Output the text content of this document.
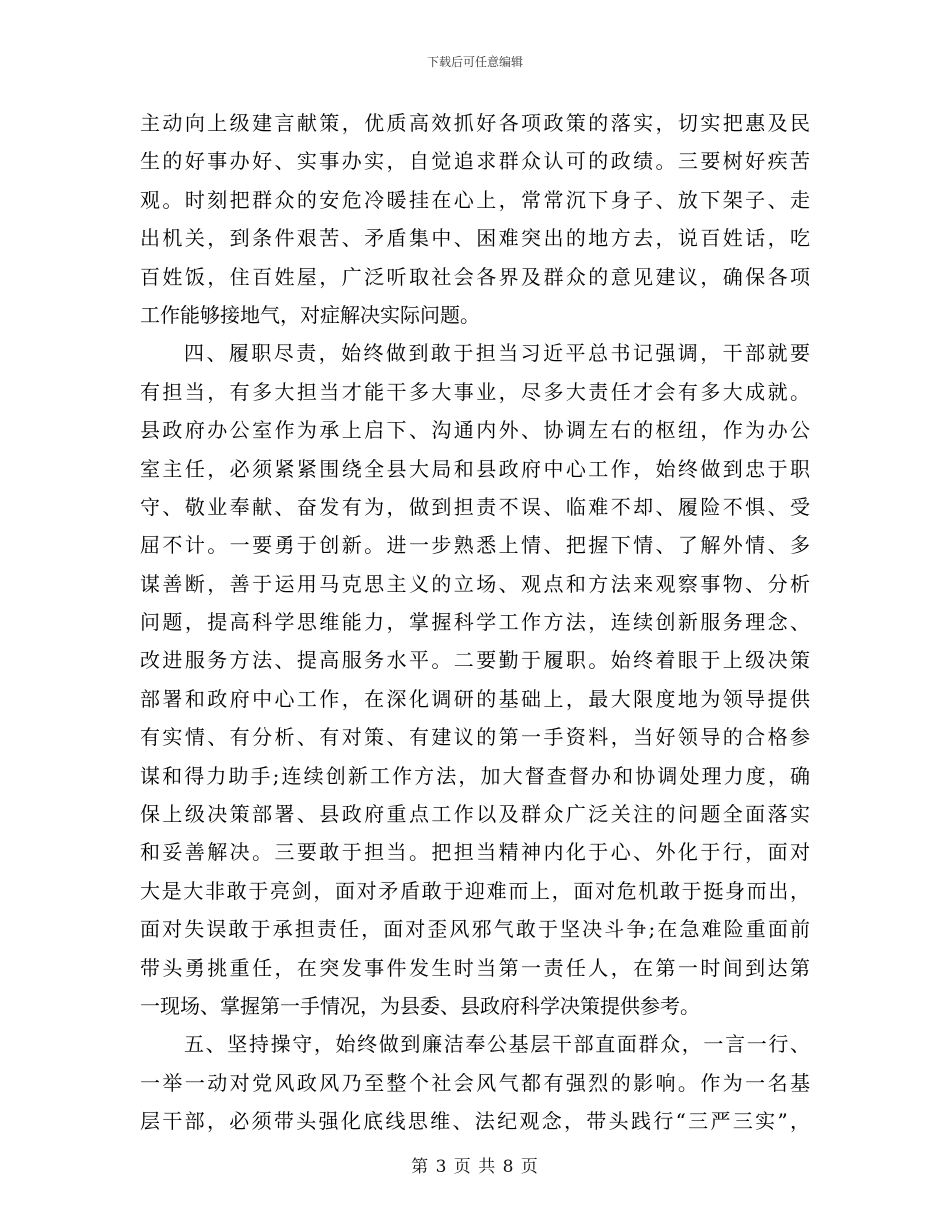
下载后可任意编辑
主动向上级建言献策，优质高效抓好各项政策的落实，切实把惠及民
生的好事办好、实事办实，自觉追求群众认可的政绩。三要树好疾苦
观。时刻把群众的安危冷暖挂在心上，常常沉下身子、放下架子、走
出机关，到条件艰苦、矛盾集中、困难突出的地方去，说百姓话，吃
百姓饭，住百姓屋，广泛听取社会各界及群众的意见建议，确保各项
工作能够接地气，对症解决实际问题。
四、履职尽责，始终做到敢于担当习近平总书记强调，干部就要
有担当，有多大担当才能干多大事业，尽多大责任才会有多大成就。
县政府办公室作为承上启下、沟通内外、协调左右的枢纽，作为办公
室主任，必须紧紧围绕全县大局和县政府中心工作，始终做到忠于职
守、敬业奉献、奋发有为，做到担责不误、临难不却、履险不惧、受
屈不计。一要勇于创新。进一步熟悉上情、把握下情、了解外情、多
谋善断，善于运用马克思主义的立场、观点和方法来观察事物、分析
问题，提高科学思维能力，掌握科学工作方法，连续创新服务理念、
改进服务方法、提高服务水平。二要勤于履职。始终着眼于上级决策
部署和政府中心工作，在深化调研的基础上，最大限度地为领导提供
有实情、有分析、有对策、有建议的第一手资料，当好领导的合格参
谋和得力助手;连续创新工作方法，加大督查督办和协调处理力度，确
保上级决策部署、县政府重点工作以及群众广泛关注的问题全面落实
和妥善解决。三要敢于担当。把担当精神内化于心、外化于行，面对
大是大非敢于亮剑，面对矛盾敢于迎难而上，面对危机敢于挺身而出，
面对失误敢于承担责任，面对歪风邪气敢于坚决斗争;在急难险重面前
带头勇挑重任，在突发事件发生时当第一责任人，在第一时间到达第
一现场、掌握第一手情况，为县委、县政府科学决策提供参考。
五、坚持操守，始终做到廉洁奉公基层干部直面群众，一言一行、
一举一动对党风政风乃至整个社会风气都有强烈的影响。作为一名基
层干部，必须带头强化底线思维、法纪观念，带头践行“三严三实”，
第 3 页 共 8 页
